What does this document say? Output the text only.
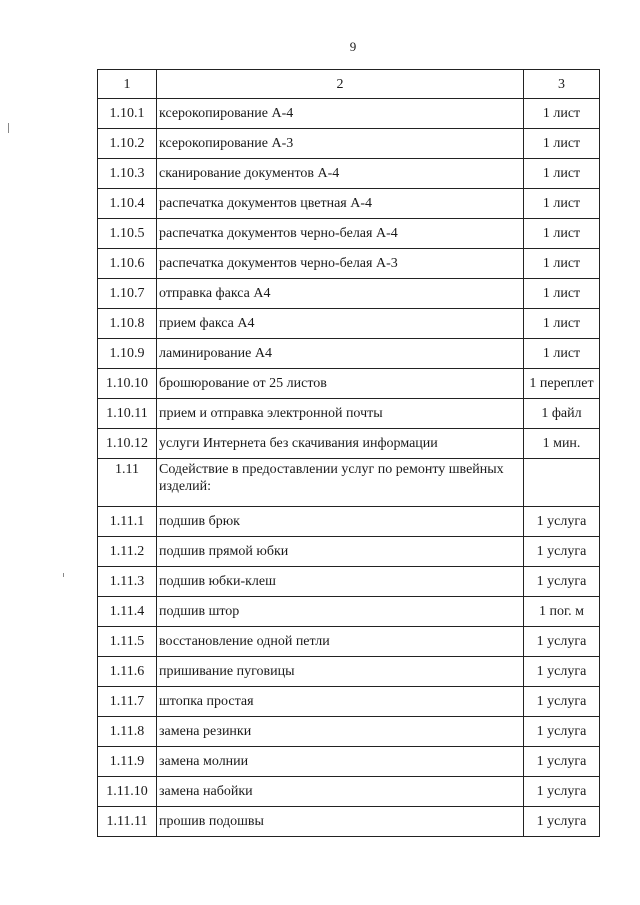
9
1	2	3
1.10.1	ксерокопирование А-4	1 лист
1.10.2	ксерокопирование А-3	1 лист
1.10.3	сканирование документов А-4	1 лист
1.10.4	распечатка документов цветная А-4	1 лист
1.10.5	распечатка документов черно-белая А-4	1 лист
1.10.6	распечатка документов черно-белая А-3	1 лист
1.10.7	отправка факса А4	1 лист
1.10.8	прием факса А4	1 лист
1.10.9	ламинирование А4	1 лист
1.10.10	брошюрование от 25 листов	1 переплет
1.10.11	прием и отправка электронной почты	1 файл
1.10.12	услуги Интернета без скачивания информации	1 мин.
1.11	Содействие в предоставлении услуг по ремонту швейных изделий:	
1.11.1	подшив брюк	1 услуга
1.11.2	подшив прямой юбки	1 услуга
1.11.3	подшив юбки-клеш	1 услуга
1.11.4	подшив штор	1 пог. м
1.11.5	восстановление одной петли	1 услуга
1.11.6	пришивание пуговицы	1 услуга
1.11.7	штопка простая	1 услуга
1.11.8	замена резинки	1 услуга
1.11.9	замена молнии	1 услуга
1.11.10	замена набойки	1 услуга
1.11.11	прошив подошвы	1 услуга
